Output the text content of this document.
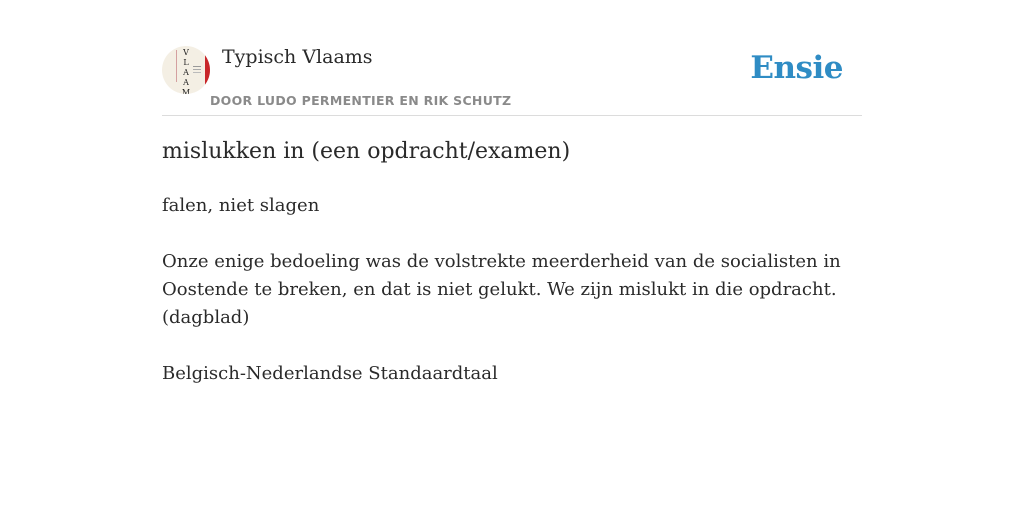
V
L
A
A
M
Typisch Vlaams
DOOR LUDO PERMENTIER EN RIK SCHUTZ
Ensie
mislukken in (een opdracht/examen)
falen, niet slagen
Onze enige bedoeling was de volstrekte meerderheid van de socialisten in Oostende te breken, en dat is niet gelukt. We zijn mislukt in die opdracht. (dagblad)
Belgisch-Nederlandse Standaardtaal
